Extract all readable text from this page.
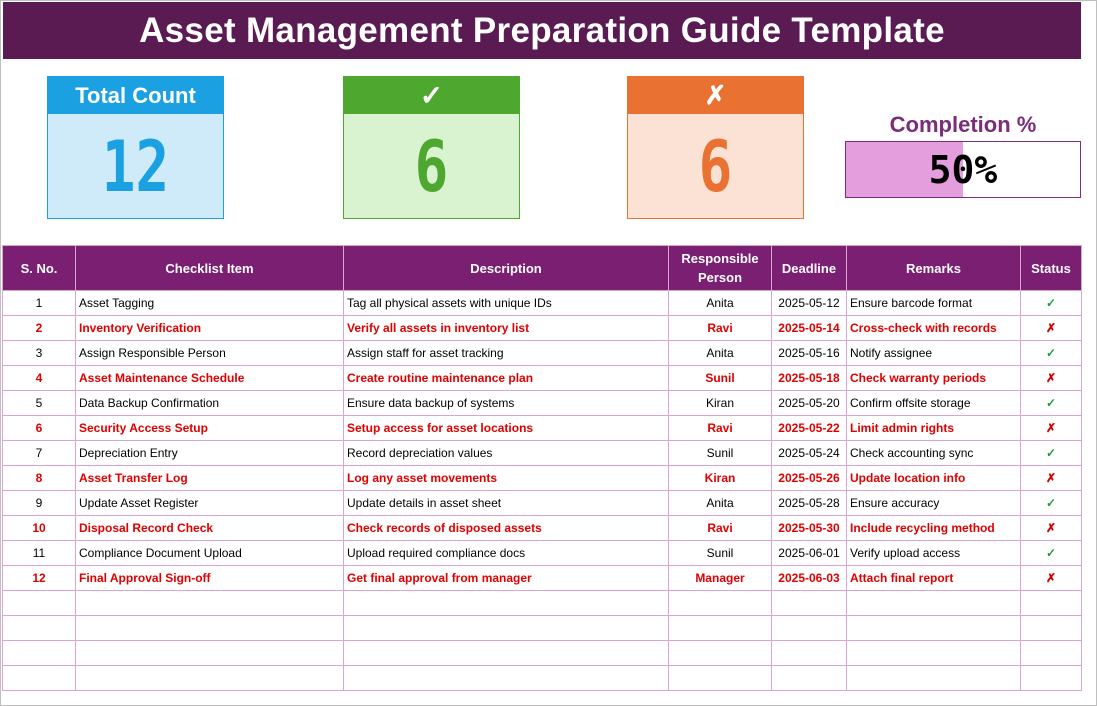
Asset Management Preparation Guide Template
Total Count
12
✓
6
✗
6
Completion %
50%
S. No.	Checklist Item	Description	Responsible Person	Deadline	Remarks	Status
1	Asset Tagging	Tag all physical assets with unique IDs	Anita	2025-05-12	Ensure barcode format	✓
2	Inventory Verification	Verify all assets in inventory list	Ravi	2025-05-14	Cross-check with records	✗
3	Assign Responsible Person	Assign staff for asset tracking	Anita	2025-05-16	Notify assignee	✓
4	Asset Maintenance Schedule	Create routine maintenance plan	Sunil	2025-05-18	Check warranty periods	✗
5	Data Backup Confirmation	Ensure data backup of systems	Kiran	2025-05-20	Confirm offsite storage	✓
6	Security Access Setup	Setup access for asset locations	Ravi	2025-05-22	Limit admin rights	✗
7	Depreciation Entry	Record depreciation values	Sunil	2025-05-24	Check accounting sync	✓
8	Asset Transfer Log	Log any asset movements	Kiran	2025-05-26	Update location info	✗
9	Update Asset Register	Update details in asset sheet	Anita	2025-05-28	Ensure accuracy	✓
10	Disposal Record Check	Check records of disposed assets	Ravi	2025-05-30	Include recycling method	✗
11	Compliance Document Upload	Upload required compliance docs	Sunil	2025-06-01	Verify upload access	✓
12	Final Approval Sign-off	Get final approval from manager	Manager	2025-06-03	Attach final report	✗
